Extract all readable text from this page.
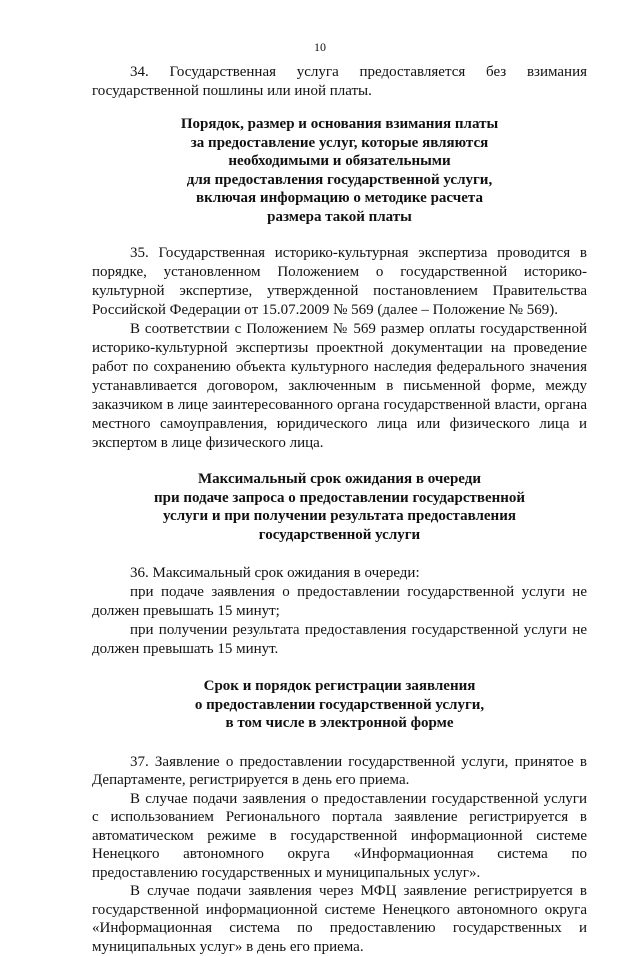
10

34. Государственная услуга предоставляется без взимания государственной пошлины или иной платы.

Порядок, размер и основания взимания платы
за предоставление услуг, которые являются
необходимыми и обязательными
для предоставления государственной услуги,
включая информацию о методике расчета
размера такой платы

35. Государственная историко-культурная экспертиза проводится в порядке, установленном Положением о государственной историко-культурной экспертизе, утвержденной постановлением Правительства Российской Федерации от 15.07.2009 № 569 (далее – Положение № 569).

В соответствии с Положением № 569 размер оплаты государственной историко-культурной экспертизы проектной документации на проведение работ по сохранению объекта культурного наследия федерального значения устанавливается договором, заключенным в письменной форме, между заказчиком в лице заинтересованного органа государственной власти, органа местного самоуправления, юридического лица или физического лица и экспертом в лице физического лица.

Максимальный срок ожидания в очереди
при подаче запроса о предоставлении государственной
услуги и при получении результата предоставления
государственной услуги

36. Максимальный срок ожидания в очереди:

при подаче заявления о предоставлении государственной услуги не должен превышать 15 минут;

при получении результата предоставления государственной услуги не должен превышать 15 минут.

Срок и порядок регистрации заявления
о предоставлении государственной услуги,
в том числе в электронной форме

37. Заявление о предоставлении государственной услуги, принятое в Департаменте, регистрируется в день его приема.

В случае подачи заявления о предоставлении государственной услуги с использованием Регионального портала заявление регистрируется в автоматическом режиме в государственной информационной системе Ненецкого автономного округа «Информационная система по предоставлению государственных и муниципальных услуг».

В случае подачи заявления через МФЦ заявление регистрируется в государственной информационной системе Ненецкого автономного округа «Информационная система по предоставлению государственных и муниципальных услуг» в день его приема.
